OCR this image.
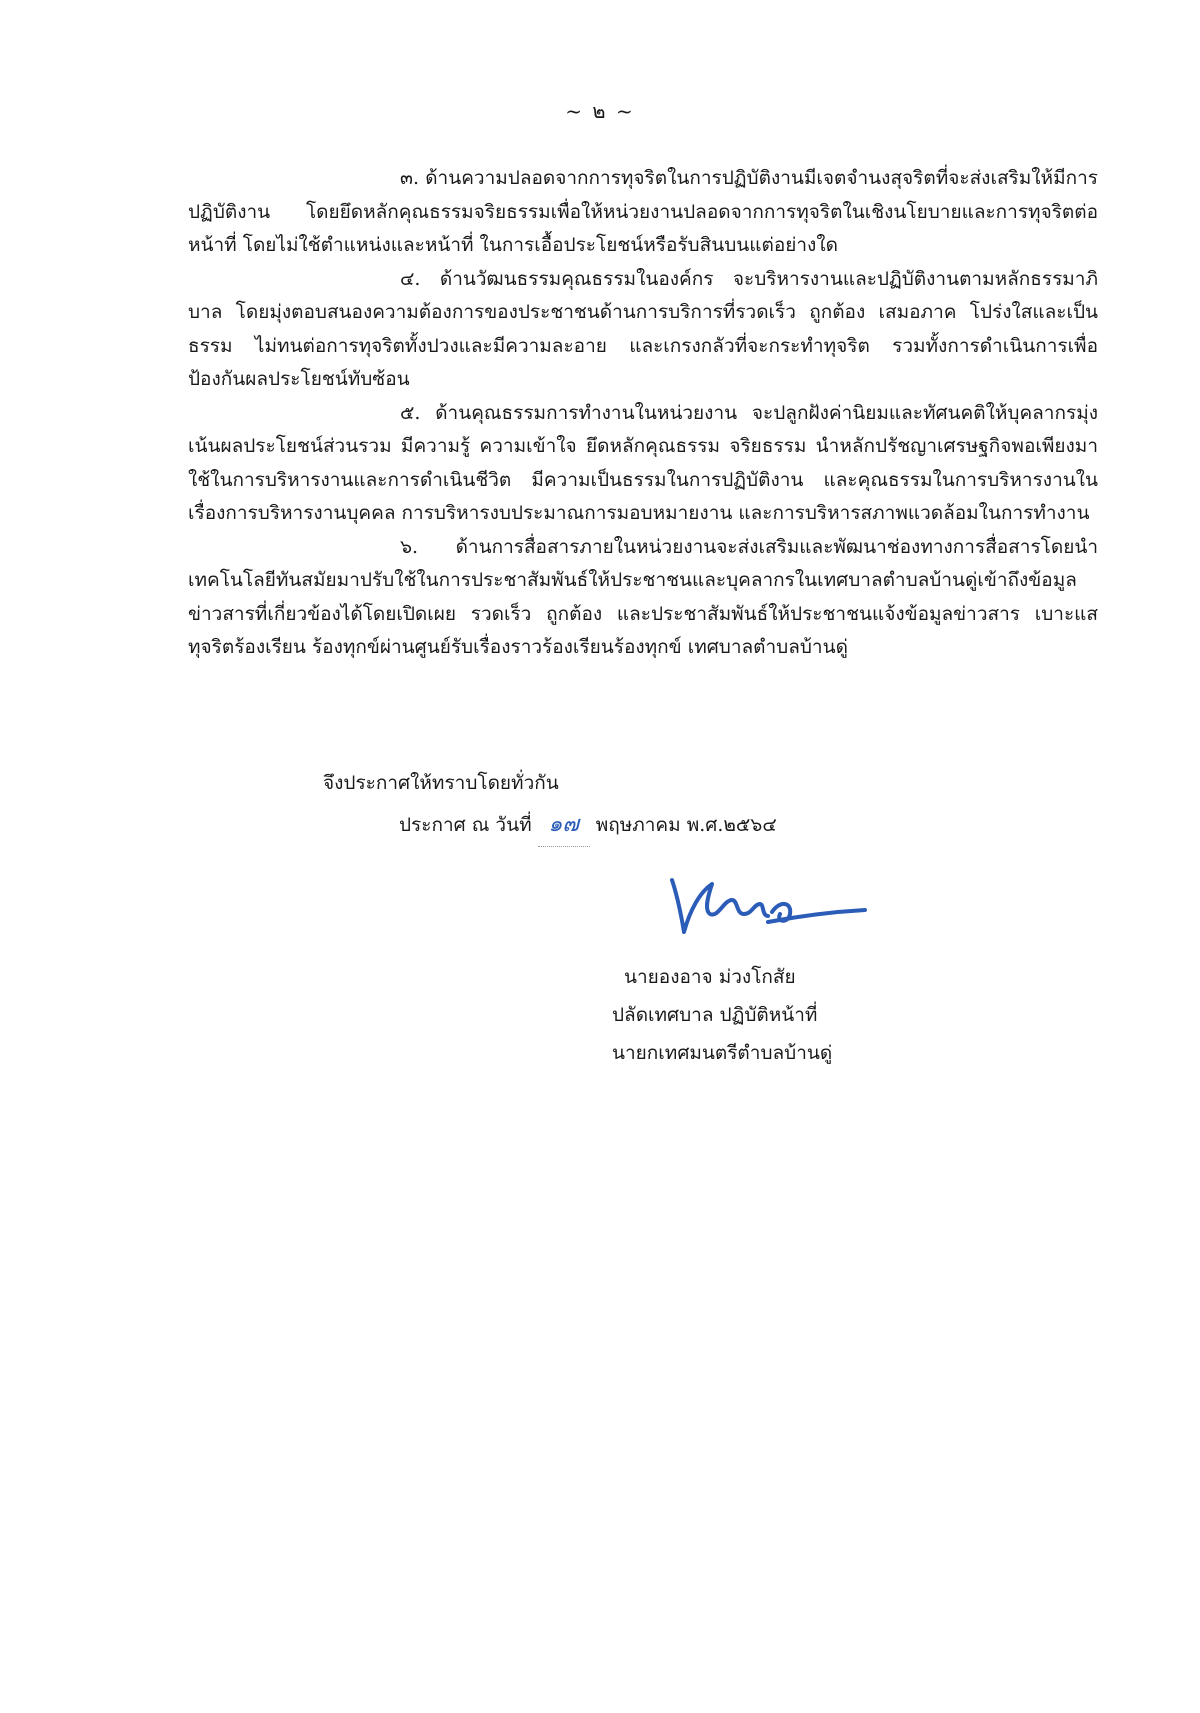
~ ๒ ~

๓. ด้านความปลอดจากการทุจริตในการปฏิบัติงานมีเจตจำนงสุจริตที่จะส่งเสริมให้มีการปฏิบัติงาน โดยยึดหลักคุณธรรมจริยธรรมเพื่อให้หน่วยงานปลอดจากการทุจริตในเชิงนโยบายและการทุจริตต่อหน้าที่ โดยไม่ใช้ตำแหน่งและหน้าที่ ในการเอื้อประโยชน์หรือรับสินบนแต่อย่างใด

๔. ด้านวัฒนธรรมคุณธรรมในองค์กร จะบริหารงานและปฏิบัติงานตามหลักธรรมาภิบาล โดยมุ่งตอบสนองความต้องการของประชาชนด้านการบริการที่รวดเร็ว ถูกต้อง เสมอภาค โปร่งใสและเป็นธรรม ไม่ทนต่อการทุจริตทั้งปวงและมีความละอาย และเกรงกลัวที่จะกระทำทุจริต รวมทั้งการดำเนินการเพื่อป้องกันผลประโยชน์ทับซ้อน

๕. ด้านคุณธรรมการทำงานในหน่วยงาน จะปลูกฝังค่านิยมและทัศนคติให้บุคลากรมุ่งเน้นผลประโยชน์ส่วนรวม มีความรู้ ความเข้าใจ ยึดหลักคุณธรรม จริยธรรม นำหลักปรัชญาเศรษฐกิจพอเพียงมาใช้ในการบริหารงานและการดำเนินชีวิต มีความเป็นธรรมในการปฏิบัติงาน และคุณธรรมในการบริหารงานในเรื่องการบริหารงานบุคคล การบริหารงบประมาณการมอบหมายงาน และการบริหารสภาพแวดล้อมในการทำงาน

๖. ด้านการสื่อสารภายในหน่วยงานจะส่งเสริมและพัฒนาช่องทางการสื่อสารโดยนำเทคโนโลยีทันสมัยมาปรับใช้ในการประชาสัมพันธ์ให้ประชาชนและบุคลากรในเทศบาลตำบลบ้านดู่เข้าถึงข้อมูลข่าวสารที่เกี่ยวข้องได้โดยเปิดเผย รวดเร็ว ถูกต้อง และประชาสัมพันธ์ให้ประชาชนแจ้งข้อมูลข่าวสาร เบาะแสทุจริตร้องเรียน ร้องทุกข์ผ่านศูนย์รับเรื่องราวร้องเรียนร้องทุกข์ เทศบาลตำบลบ้านดู่

จึงประกาศให้ทราบโดยทั่วกัน
ประกาศ ณ วันที่ ๑๗ พฤษภาคม พ.ศ.๒๕๖๔
นายองอาจ ม่วงโกสัย
ปลัดเทศบาล ปฏิบัติหน้าที่
นายกเทศมนตรีตำบลบ้านดู่
